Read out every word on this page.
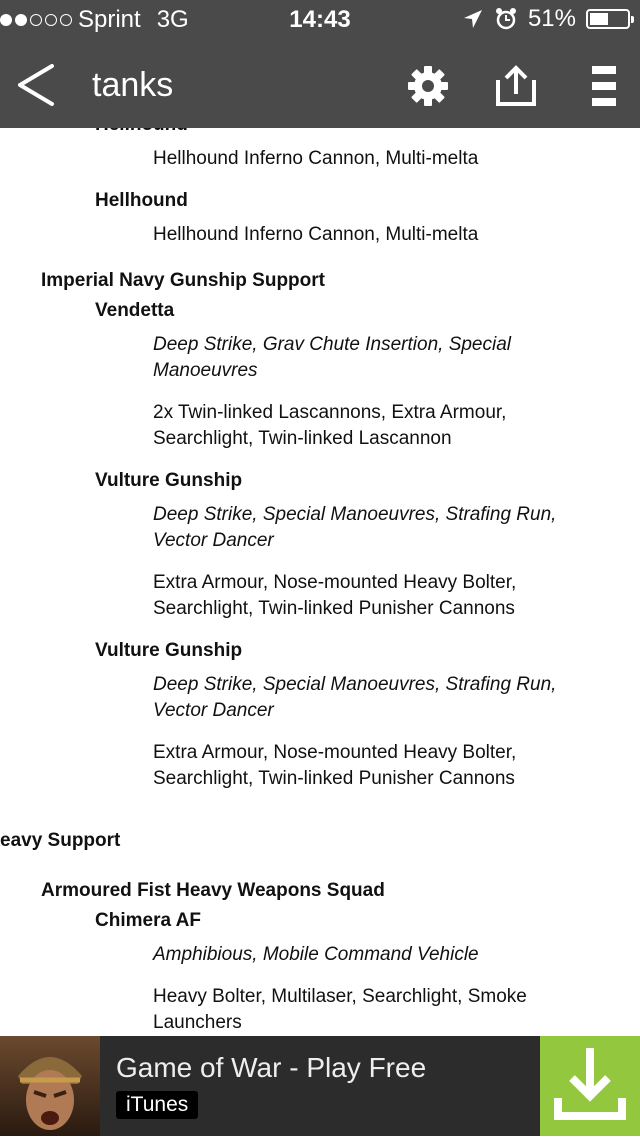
Sprint 3G	14:43	51%
tanks
Hellhound Inferno Cannon, Multi-melta
Hellhound
Hellhound Inferno Cannon, Multi-melta
Imperial Navy Gunship Support
Vendetta
Deep Strike, Grav Chute Insertion, Special
Manoeuvres
2x Twin-linked Lascannons, Extra Armour,
Searchlight, Twin-linked Lascannon
Vulture Gunship
Deep Strike, Special Manoeuvres, Strafing Run,
Vector Dancer
Extra Armour, Nose-mounted Heavy Bolter,
Searchlight, Twin-linked Punisher Cannons
Vulture Gunship
Deep Strike, Special Manoeuvres, Strafing Run,
Vector Dancer
Extra Armour, Nose-mounted Heavy Bolter,
Searchlight, Twin-linked Punisher Cannons
eavy Support
Armoured Fist Heavy Weapons Squad
Chimera AF
Amphibious, Mobile Command Vehicle
Heavy Bolter, Multilaser, Searchlight, Smoke
Launchers
Game of War - Play Free
iTunes
